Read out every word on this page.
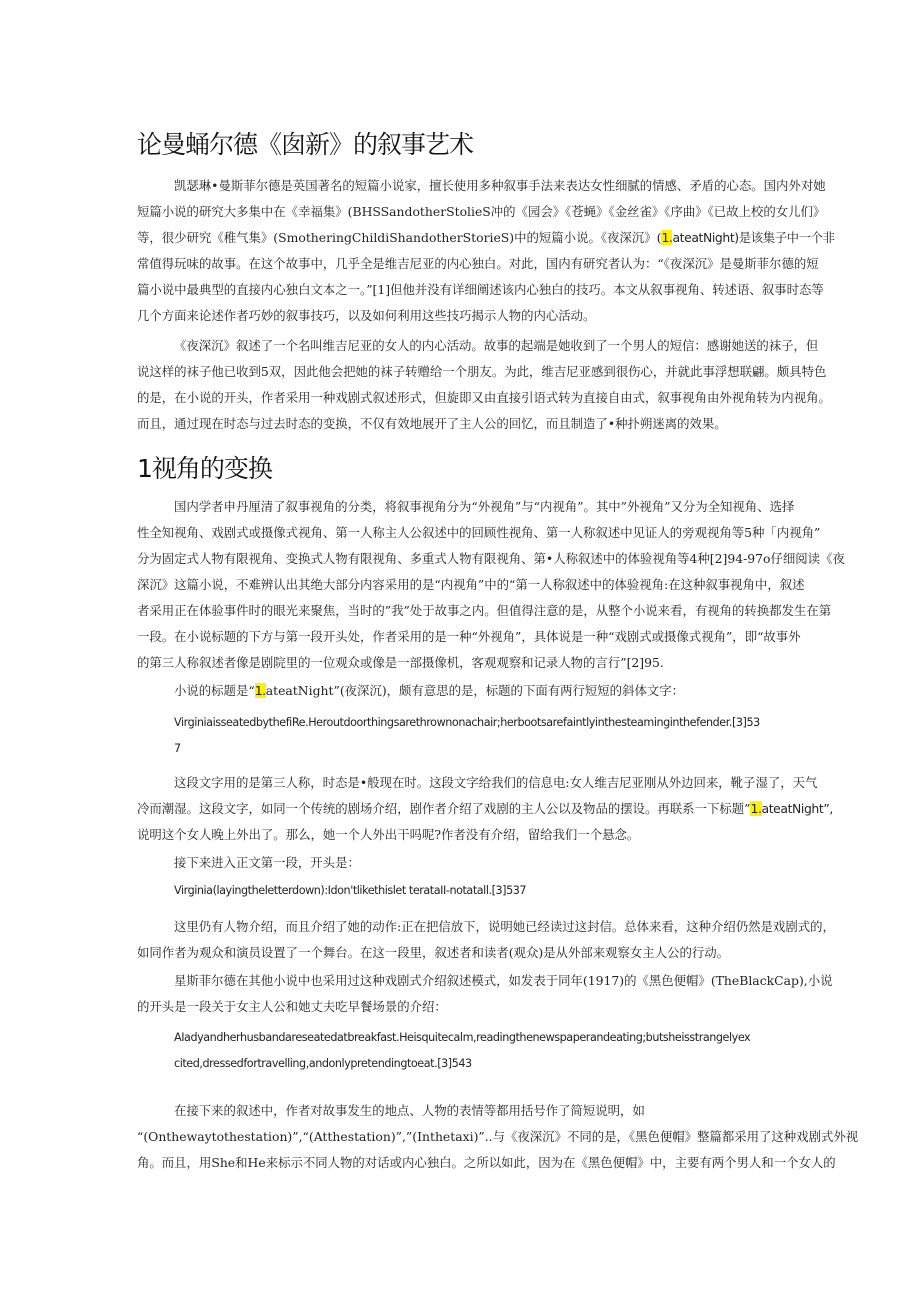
论曼蛹尔德《囱新》的叙事艺术
凯瑟琳•曼斯菲尔德是英国著名的短篇小说家，擅长使用多种叙事手法来表达女性细腻的情感、矛盾的心态。国内外对她
短篇小说的研究大多集中在《幸福集》(BHSSandotherStolieS冲的《园会》《苍蝇》《金丝雀》《序曲》《已故上校的女儿们》
等，很少研究《稚气集》(SmotheringChildiShandotherStorieS)中的短篇小说。《夜深沉》(1.ateatNight)是该集子中一个非
常值得玩味的故事。在这个故事中，几乎全是维吉尼亚的内心独白。对此，国内有研究者认为：“《夜深沉》是曼斯菲尔德的短
篇小说中最典型的直接内心独白文本之一。”[1]但他并没有详细阐述该内心独白的技巧。本文从叙事视角、转述语、叙事时态等
几个方面来论述作者巧妙的叙事技巧，以及如何利用这些技巧揭示人物的内心活动。
《夜深沉》叙述了一个名叫维吉尼亚的女人的内心活动。故事的起端是她收到了一个男人的短信：感谢她送的袜子，但
说这样的袜子他已收到5双，因此他会把她的袜子转赠给一个朋友。为此，维吉尼亚感到很伤心，并就此事浮想联翩。颇具特色
的是，在小说的开头，作者采用一种戏剧式叙述形式，但旋即又由直接引语式转为直接自由式，叙事视角由外视角转为内视角。
而且，通过现在时态与过去时态的变换，不仅有效地展开了主人公的回忆，而且制造了•种扑朔迷离的效果。
1视角的变换
国内学者申丹厘清了叙事视角的分类，将叙事视角分为“外视角”与“内视角”。其中”外视角”又分为全知视角、选择
性全知视角、戏剧式或摄像式视角、第一人称主人公叙述中的回顾性视角、第一人称叙述中见证人的旁观视角等5种「内视角”
分为固定式人物有限视角、变换式人物有限视角、多重式人物有限视角、第•人称叙述中的体验视角等4种[2]94-97o仔细阅读《夜
深沉》这篇小说，不难辨认出其绝大部分内容采用的是“内视角”中的“第一人称叙述中的体验视角:在这种叙事视角中，叙述
者采用正在体验事件时的眼光来聚焦，当时的”我”处于故事之内。但值得注意的是，从整个小说来看，有视角的转换都发生在第
一段。在小说标题的下方与第一段开头处，作者采用的是一种“外视角”，具体说是一种“戏剧式或摄像式视角”，即“故事外
的第三人称叙述者像是剧院里的一位观众或像是一部摄像机，客观观察和记录人物的言行”[2]95.
小说的标题是“1.ateatNight”(夜深沉)，颇有意思的是，标题的下面有两行短短的斜体文字：
VirginiaisseatedbythefiRe.Heroutdoorthingsarethrownonachair;herbootsarefaintlyinthesteaminginthefender.[3]53
7
这段文字用的是第三人称，时态是•般现在时。这段文字给我们的信息电:女人维吉尼亚刚从外边回来，靴子湿了，天气
冷而潮湿。这段文字，如同一个传统的剧场介绍，剧作者介绍了戏剧的主人公以及物品的摆设。再联系一下标题”1.ateatNight”,
说明这个女人晚上外出了。那么，她一个人外出干吗呢?作者没有介绍，留给我们一个悬念。
接下来进入正文第一段，开头是：
Virginia(layingtheletterdown):Idon'tlikethislet terataII-notatall.[3]537
这里仍有人物介绍，而且介绍了她的动作:正在把信放下，说明她已经读过这封信。总体来看，这种介绍仍然是戏剧式的，
如同作者为观众和演员设置了一个舞台。在这一段里，叙述者和读者(观众)是从外部来观察女主人公的行动。
星斯菲尔德在其他小说中也采用过这种戏剧式介绍叙述模式，如发表于同年(1917)的《黑色便帽》(TheBlackCap),小说
的开头是一段关于女主人公和她丈夫吃早餐场景的介绍：
AIadyandherhusbandareseatedatbreakfast.Heisquitecalm,readingthenewspaperandeating;butsheisstrangelyex
cited,dressedfortravelling,andonlypretendingtoeat.[3]543
在接下来的叙述中，作者对故事发生的地点、人物的表情等都用括号作了简短说明，如
“(Onthewaytothestation)”,“(Atthestation)”,”(Inthetaxi)”..与《夜深沉》不同的是，《黑色便帽》整篇都采用了这种戏剧式外视
角。而且，用She和He来标示不同人物的对话或内心独白。之所以如此，因为在《黑色便帽》中，主要有两个男人和一个女人的
